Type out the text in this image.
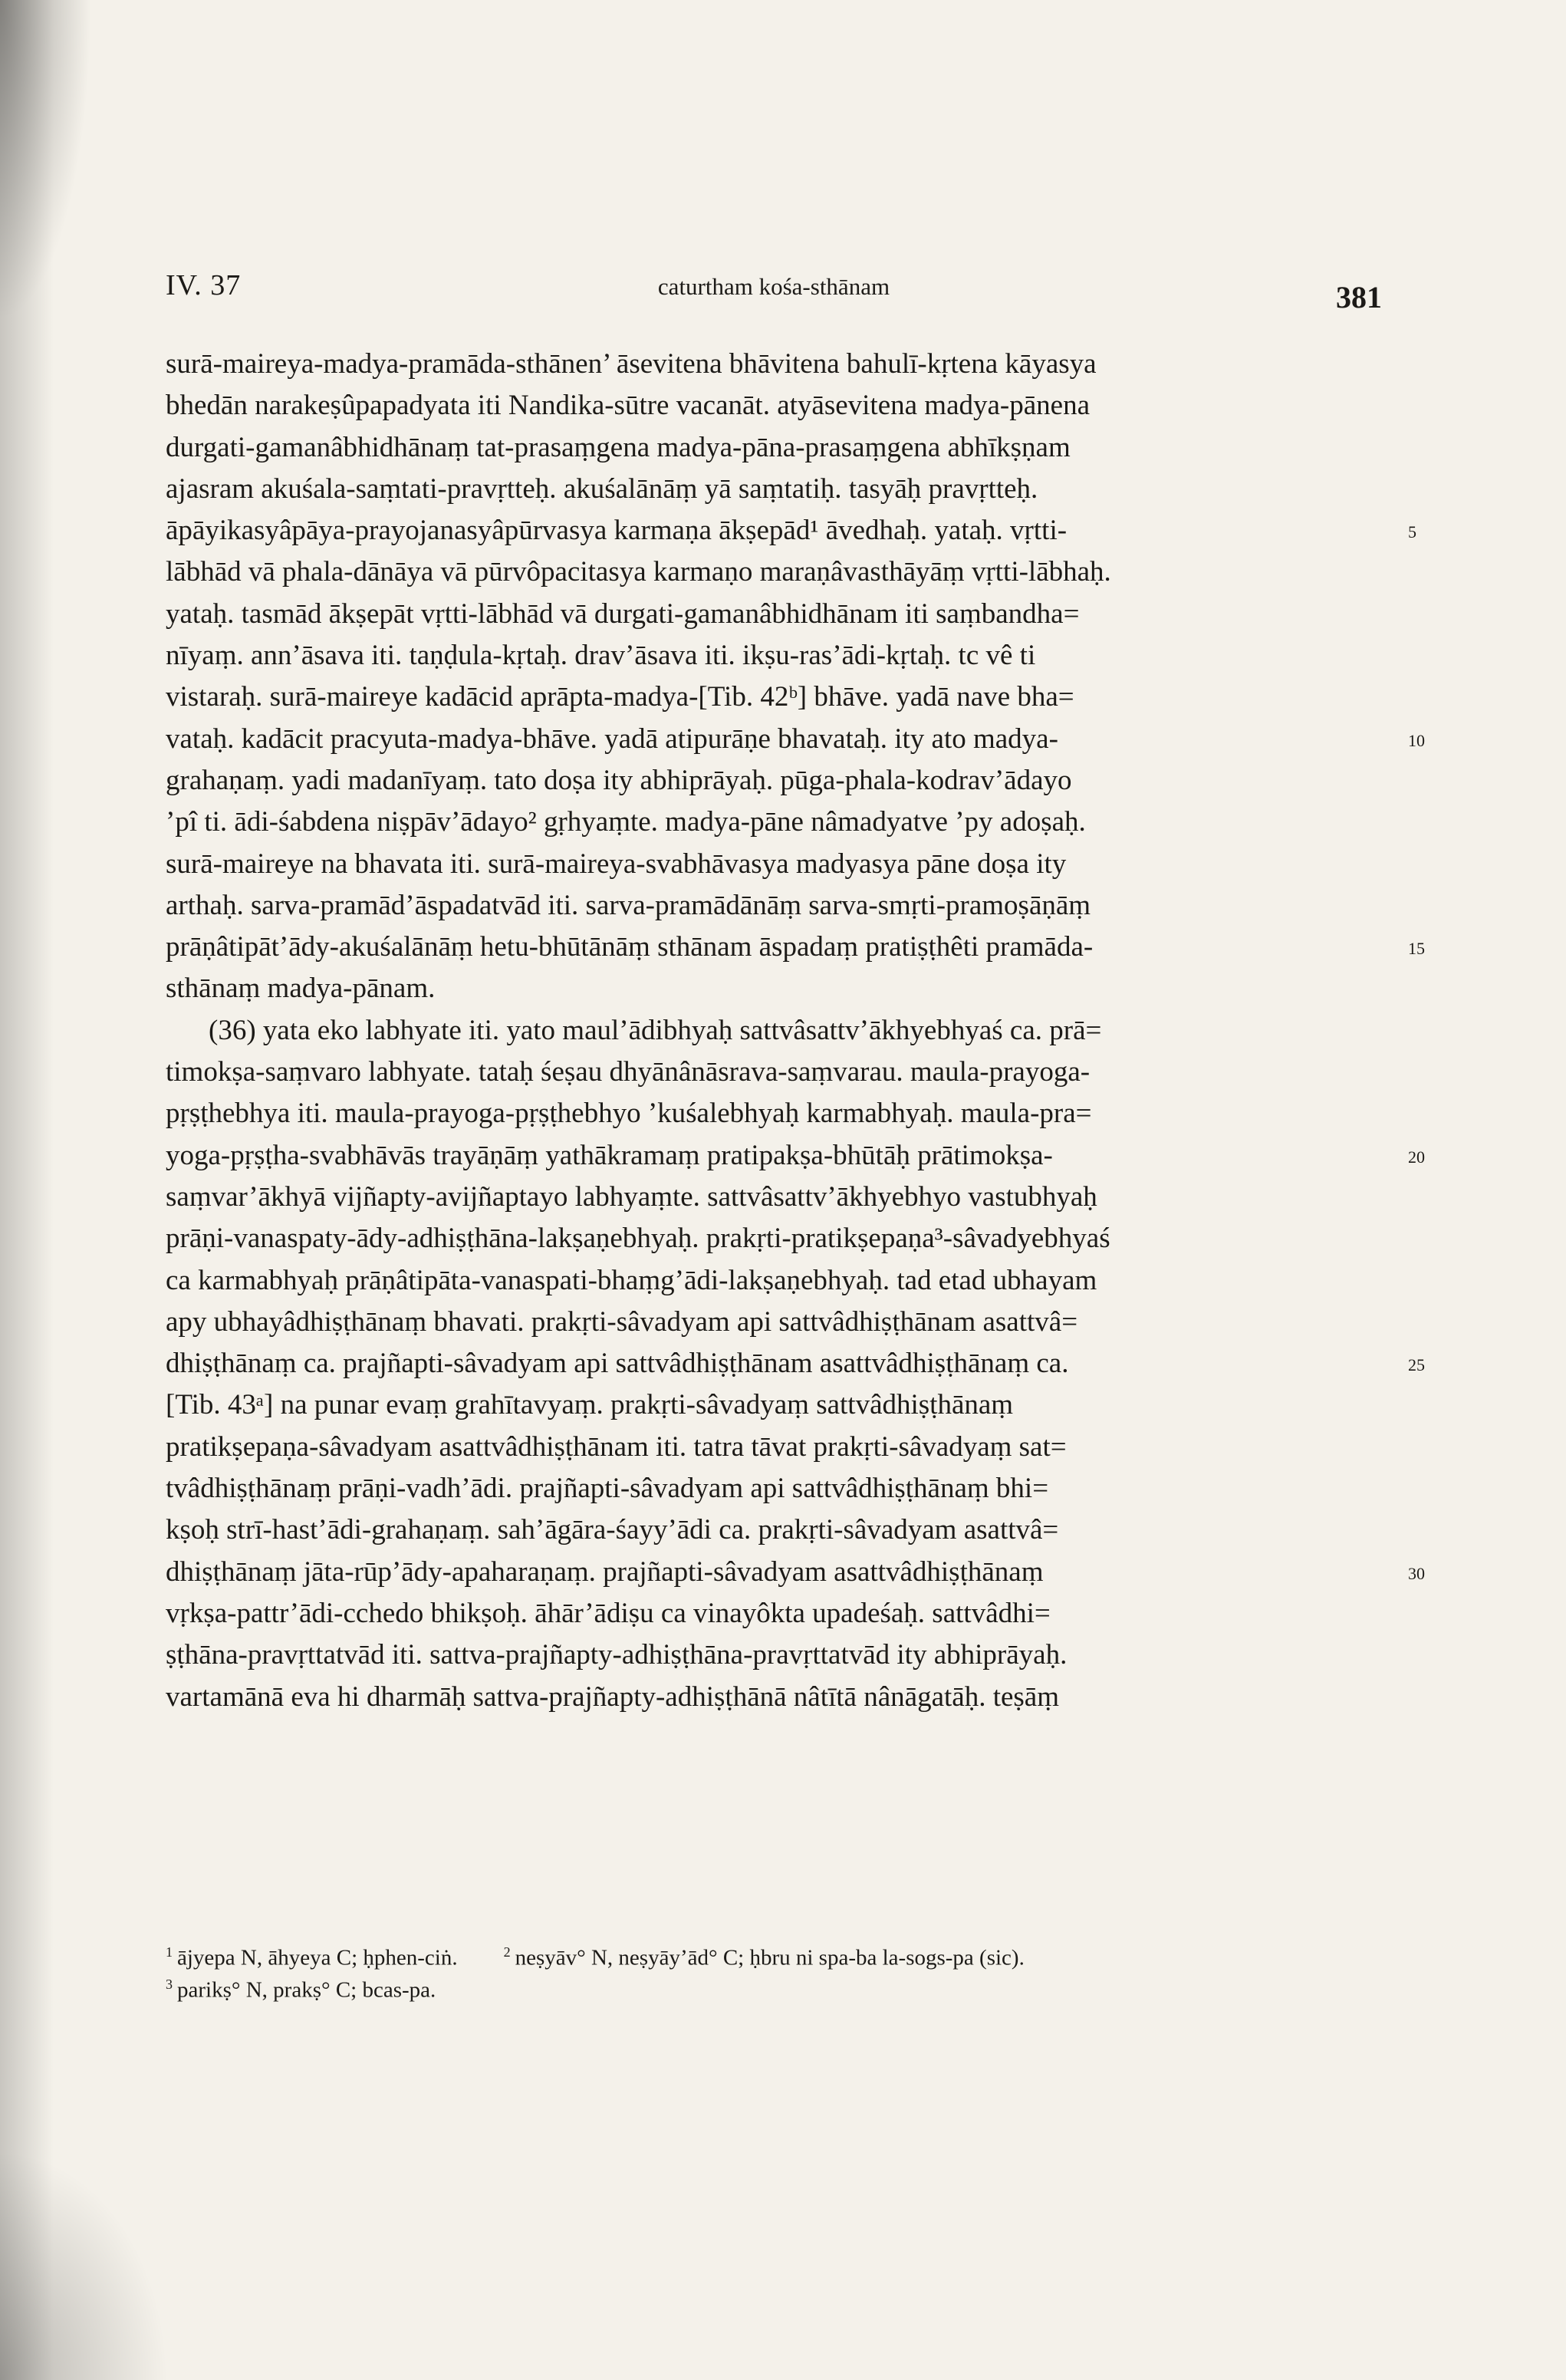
IV. 37	caturtham kośa-sthānam	381
surā-maireya-madya-pramāda-sthānen’ āsevitena bhāvitena bahulī-kṛtena kāyasya
bhedān narakeṣûpapadyata iti Nandika-sūtre vacanāt. atyāsevitena madya-pānena
durgati-gamanâbhidhānaṃ tat-prasaṃgena madya-pāna-prasaṃgena abhīkṣṇam
ajasram akuśala-saṃtati-pravṛtteḥ. akuśalānāṃ yā saṃtatiḥ. tasyāḥ pravṛtteḥ.
āpāyikasyâpāya-prayojanasyâpūrvasya karmaṇa ākṣepād¹ āvedhaḥ. yataḥ. vṛtti-
lābhād vā phala-dānāya vā pūrvôpacitasya karmaṇo maraṇâvasthāyāṃ vṛtti-lābhaḥ.
yataḥ. tasmād ākṣepāt vṛtti-lābhād vā durgati-gamanâbhidhānam iti saṃbandha=
nīyaṃ. ann’āsava iti. taṇḍula-kṛtaḥ. drav’āsava iti. ikṣu-ras’ādi-kṛtaḥ. tc vê ti
vistaraḥ. surā-maireye kadācid aprāpta-madya-[Tib. 42ᵇ] bhāve. yadā nave bha=
vataḥ. kadācit pracyuta-madya-bhāve. yadā atipurāṇe bhavataḥ. ity ato madya-
grahaṇaṃ. yadi madanīyaṃ. tato doṣa ity abhiprāyaḥ. pūga-phala-kodrav’ādayo
’pî ti. ādi-śabdena niṣpāv’ādayo² gṛhyaṃte. madya-pāne nâmadyatve ’py adoṣaḥ.
surā-maireye na bhavata iti. surā-maireya-svabhāvasya madyasya pāne doṣa ity
arthaḥ. sarva-pramād’āspadatvād iti. sarva-pramādānāṃ sarva-smṛti-pramoṣāṇāṃ
prāṇâtipāt’ādy-akuśalānāṃ hetu-bhūtānāṃ sthānam āspadaṃ pratiṣṭhêti pramāda-
sthānaṃ madya-pānam.
(36) yata eko labhyate iti. yato maul’ādibhyaḥ sattvâsattv’ākhyebhyaś ca. prā=
timokṣa-saṃvaro labhyate. tataḥ śeṣau dhyānânāsrava-saṃvarau. maula-prayoga-
pṛṣṭhebhya iti. maula-prayoga-pṛṣṭhebhyo ’kuśalebhyaḥ karmabhyaḥ. maula-pra=
yoga-pṛṣṭha-svabhāvās trayāṇāṃ yathākramaṃ pratipakṣa-bhūtāḥ prātimokṣa-
saṃvar’ākhyā vijñapty-avijñaptayo labhyaṃte. sattvâsattv’ākhyebhyo vastubhyaḥ
prāṇi-vanaspaty-ādy-adhiṣṭhāna-lakṣaṇebhyaḥ. prakṛti-pratikṣepaṇa³-sâvadyebhyaś
ca karmabhyaḥ prāṇâtipāta-vanaspati-bhaṃg’ādi-lakṣaṇebhyaḥ. tad etad ubhayam
apy ubhayâdhiṣṭhānaṃ bhavati. prakṛti-sâvadyam api sattvâdhiṣṭhānam asattvâ=
dhiṣṭhānaṃ ca. prajñapti-sâvadyam api sattvâdhiṣṭhānam asattvâdhiṣṭhānaṃ ca.
[Tib. 43ᵃ] na punar evaṃ grahītavyaṃ. prakṛti-sâvadyaṃ sattvâdhiṣṭhānaṃ
pratikṣepaṇa-sâvadyam asattvâdhiṣṭhānam iti. tatra tāvat prakṛti-sâvadyaṃ sat=
tvâdhiṣṭhānaṃ prāṇi-vadh’ādi. prajñapti-sâvadyam api sattvâdhiṣṭhānaṃ bhi=
kṣoḥ strī-hast’ādi-grahaṇaṃ. sah’āgāra-śayy’ādi ca. prakṛti-sâvadyam asattvâ=
dhiṣṭhānaṃ jāta-rūp’ādy-apaharaṇaṃ. prajñapti-sâvadyam asattvâdhiṣṭhānaṃ
vṛkṣa-pattr’ādi-cchedo bhikṣoḥ. āhār’ādiṣu ca vinayôkta upadeśaḥ. sattvâdhi=
ṣṭhāna-pravṛttatvād iti. sattva-prajñapty-adhiṣṭhāna-pravṛttatvād ity abhiprāyaḥ.
vartamānā eva hi dharmāḥ sattva-prajñapty-adhiṣṭhānā nâtītā nânāgatāḥ. teṣāṃ
5
10
15
20
25
30
$^1$ ājyepa N, āhyeya C; ḥphen-ciṅ.	$^2$ neṣyāv° N, neṣyāy’ād° C; ḥbru ni spa-ba la-sogs-pa (sic).
$^3$ parikṣ° N, prakṣ° C; bcas-pa.
